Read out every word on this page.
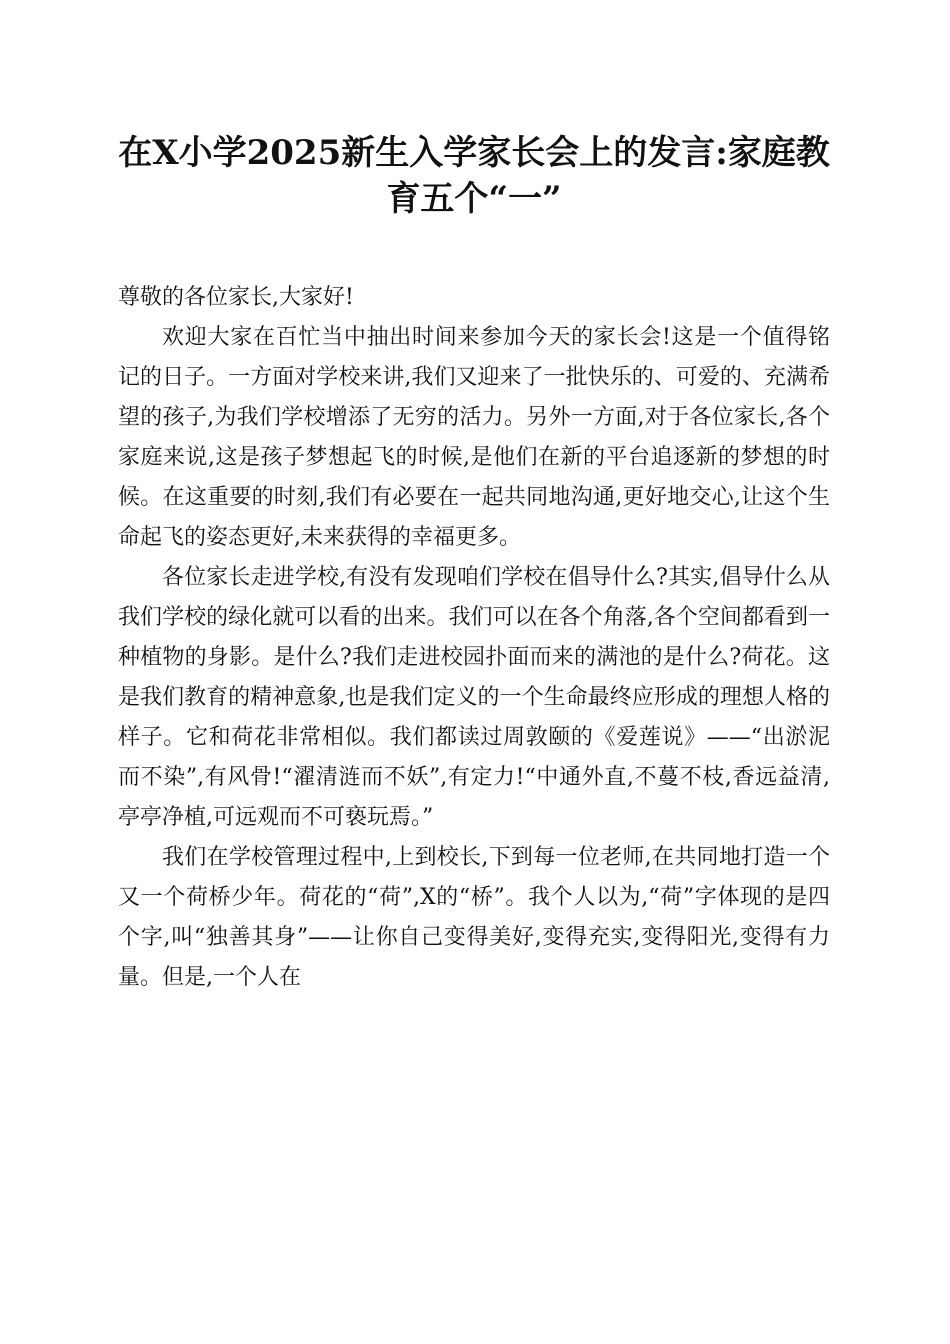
在X小学2025新生入学家长会上的发言:家庭教育五个“一”

尊敬的各位家长,大家好!

欢迎大家在百忙当中抽出时间来参加今天的家长会!这是一个值得铭记的日子。一方面对学校来讲,我们又迎来了一批快乐的、可爱的、充满希望的孩子,为我们学校增添了无穷的活力。另外一方面,对于各位家长,各个家庭来说,这是孩子梦想起飞的时候,是他们在新的平台追逐新的梦想的时候。在这重要的时刻,我们有必要在一起共同地沟通,更好地交心,让这个生命起飞的姿态更好,未来获得的幸福更多。

各位家长走进学校,有没有发现咱们学校在倡导什么?其实,倡导什么从我们学校的绿化就可以看的出来。我们可以在各个角落,各个空间都看到一种植物的身影。是什么?我们走进校园扑面而来的满池的是什么?荷花。这是我们教育的精神意象,也是我们定义的一个生命最终应形成的理想人格的样子。它和荷花非常相似。我们都读过周敦颐的《爱莲说》——“出淤泥而不染”,有风骨!“濯清涟而不妖”,有定力!“中通外直,不蔓不枝,香远益清,亭亭净植,可远观而不可亵玩焉。”

我们在学校管理过程中,上到校长,下到每一位老师,在共同地打造一个又一个荷桥少年。荷花的“荷”,X的“桥”。我个人以为,“荷”字体现的是四个字,叫“独善其身”——让你自己变得美好,变得充实,变得阳光,变得有力量。但是,一个人在
